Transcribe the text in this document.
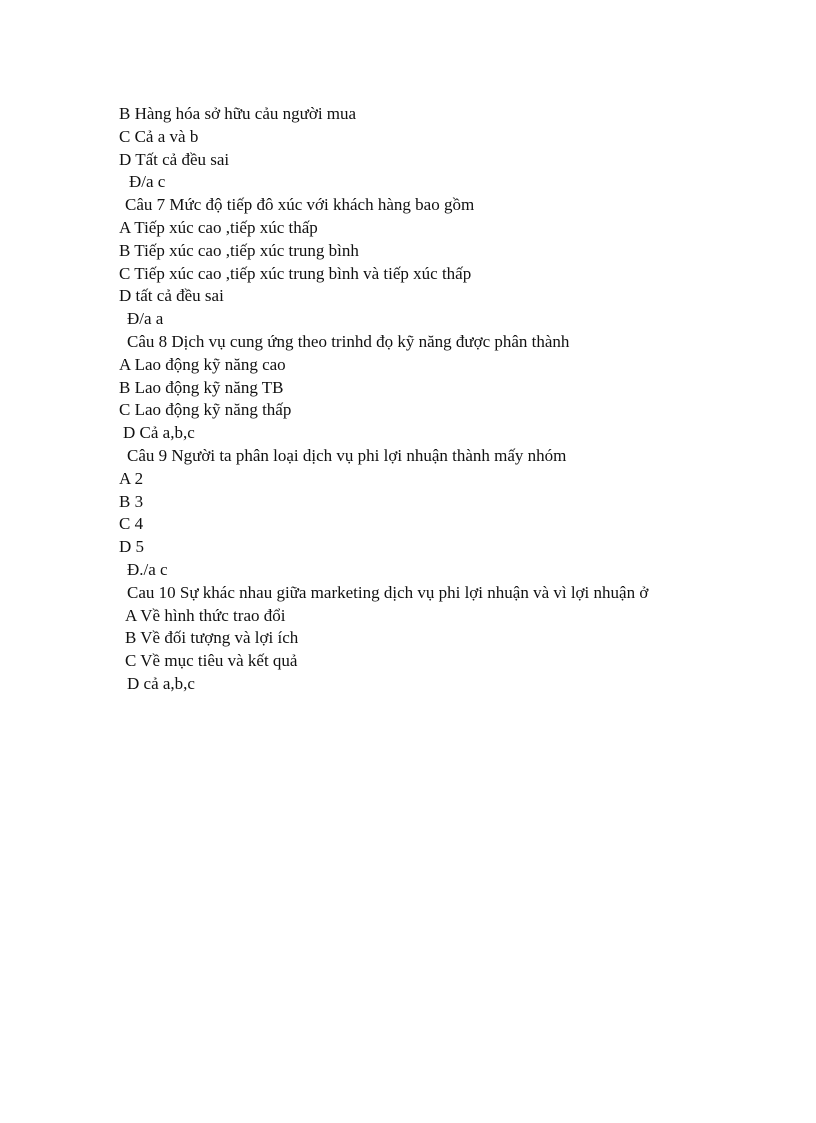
B Hàng hóa sở hữu cảu người mua
C Cả a và b
D Tất cả đều sai
Đ/a c
Câu 7 Mức độ tiếp đô xúc với khách hàng bao gồm
A Tiếp xúc cao ,tiếp xúc thấp
B Tiếp xúc cao ,tiếp xúc trung bình
C Tiếp xúc cao ,tiếp xúc trung bình và tiếp xúc thấp
D tất cả đều sai
Đ/a a
Câu 8 Dịch vụ cung ứng theo trinhd đọ kỹ năng được phân thành
A Lao động kỹ năng cao
B Lao động kỹ năng TB
C Lao động kỹ năng thấp
D Cả a,b,c
Câu 9 Người ta phân loại dịch vụ phi lợi nhuận thành mấy nhóm
A 2
B 3
C 4
D 5
Đ./a c
Cau 10 Sự khác nhau giữa marketing dịch vụ phi lợi nhuận và vì lợi nhuận ở
A Về hình thức trao đổi
B Về đối tượng và lợi ích
C Về mục tiêu và kết quả
D cả a,b,c
